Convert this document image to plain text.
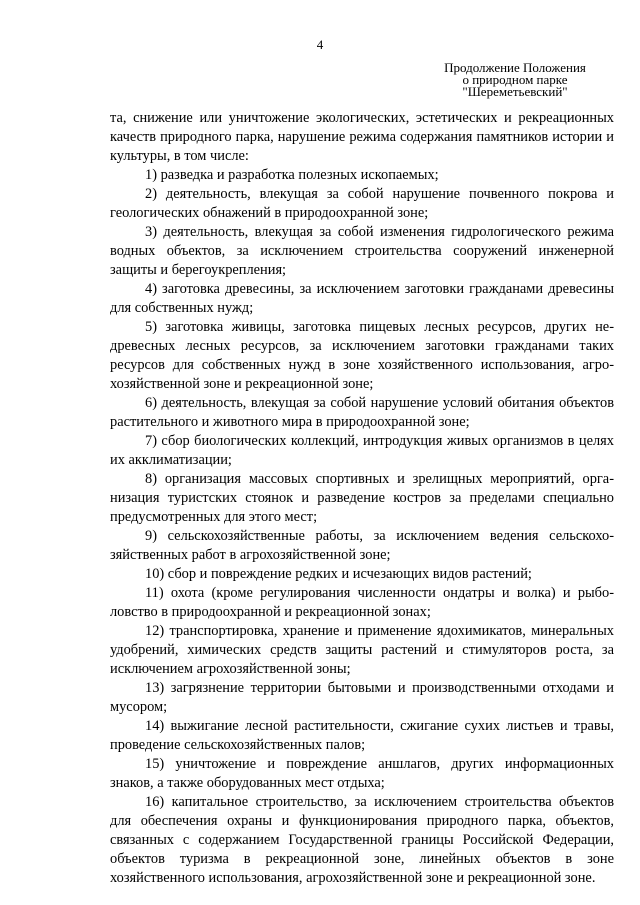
4
Продолжение Положения
о природном парке
"Шереметьевский"

та, снижение или уничтожение экологических, эстетических и рекреационных качеств природного парка, нарушение режима содержания памятников истории и культуры, в том числе:

1) разведка и разработка полезных ископаемых;

2) деятельность, влекущая за собой нарушение почвенного покрова и геологических обнажений в природоохранной зоне;

3) деятельность, влекущая за собой изменения гидрологического режима водных объектов, за исключением строительства сооружений инженерной защиты и берегоукрепления;

4) заготовка древесины, за исключением заготовки гражданами древесины для собственных нужд;

5) заготовка живицы, заготовка пищевых лесных ресурсов, других недревесных лесных ресурсов, за исключением заготовки гражданами таких ресурсов для собственных нужд в зоне хозяйственного использования, агрохозяйственной зоне и рекреационной зоне;

6) деятельность, влекущая за собой нарушение условий обитания объектов растительного и животного мира в природоохранной зоне;

7) сбор биологических коллекций, интродукция живых организмов в целях их акклиматизации;

8) организация массовых спортивных и зрелищных мероприятий, организация туристских стоянок и разведение костров за пределами специально предусмотренных для этого мест;

9) сельскохозяйственные работы, за исключением ведения сельскохозяйственных работ в агрохозяйственной зоне;

10) сбор и повреждение редких и исчезающих видов растений;

11) охота (кроме регулирования численности ондатры и волка) и рыболовство в природоохранной и рекреационной зонах;

12) транспортировка, хранение и применение ядохимикатов, минеральных удобрений, химических средств защиты растений и стимуляторов роста, за исключением агрохозяйственной зоны;

13) загрязнение территории бытовыми и производственными отходами и мусором;

14) выжигание лесной растительности, сжигание сухих листьев и травы, проведение сельскохозяйственных палов;

15) уничтожение и повреждение аншлагов, других информационных знаков, а также оборудованных мест отдыха;

16) капитальное строительство, за исключением строительства объектов для обеспечения охраны и функционирования природного парка, объектов, связанных с содержанием Государственной границы Российской Федерации, объектов туризма в рекреационной зоне, линейных объектов в зоне хозяйственного использования, агрохозяйственной зоне и рекреационной зоне.
